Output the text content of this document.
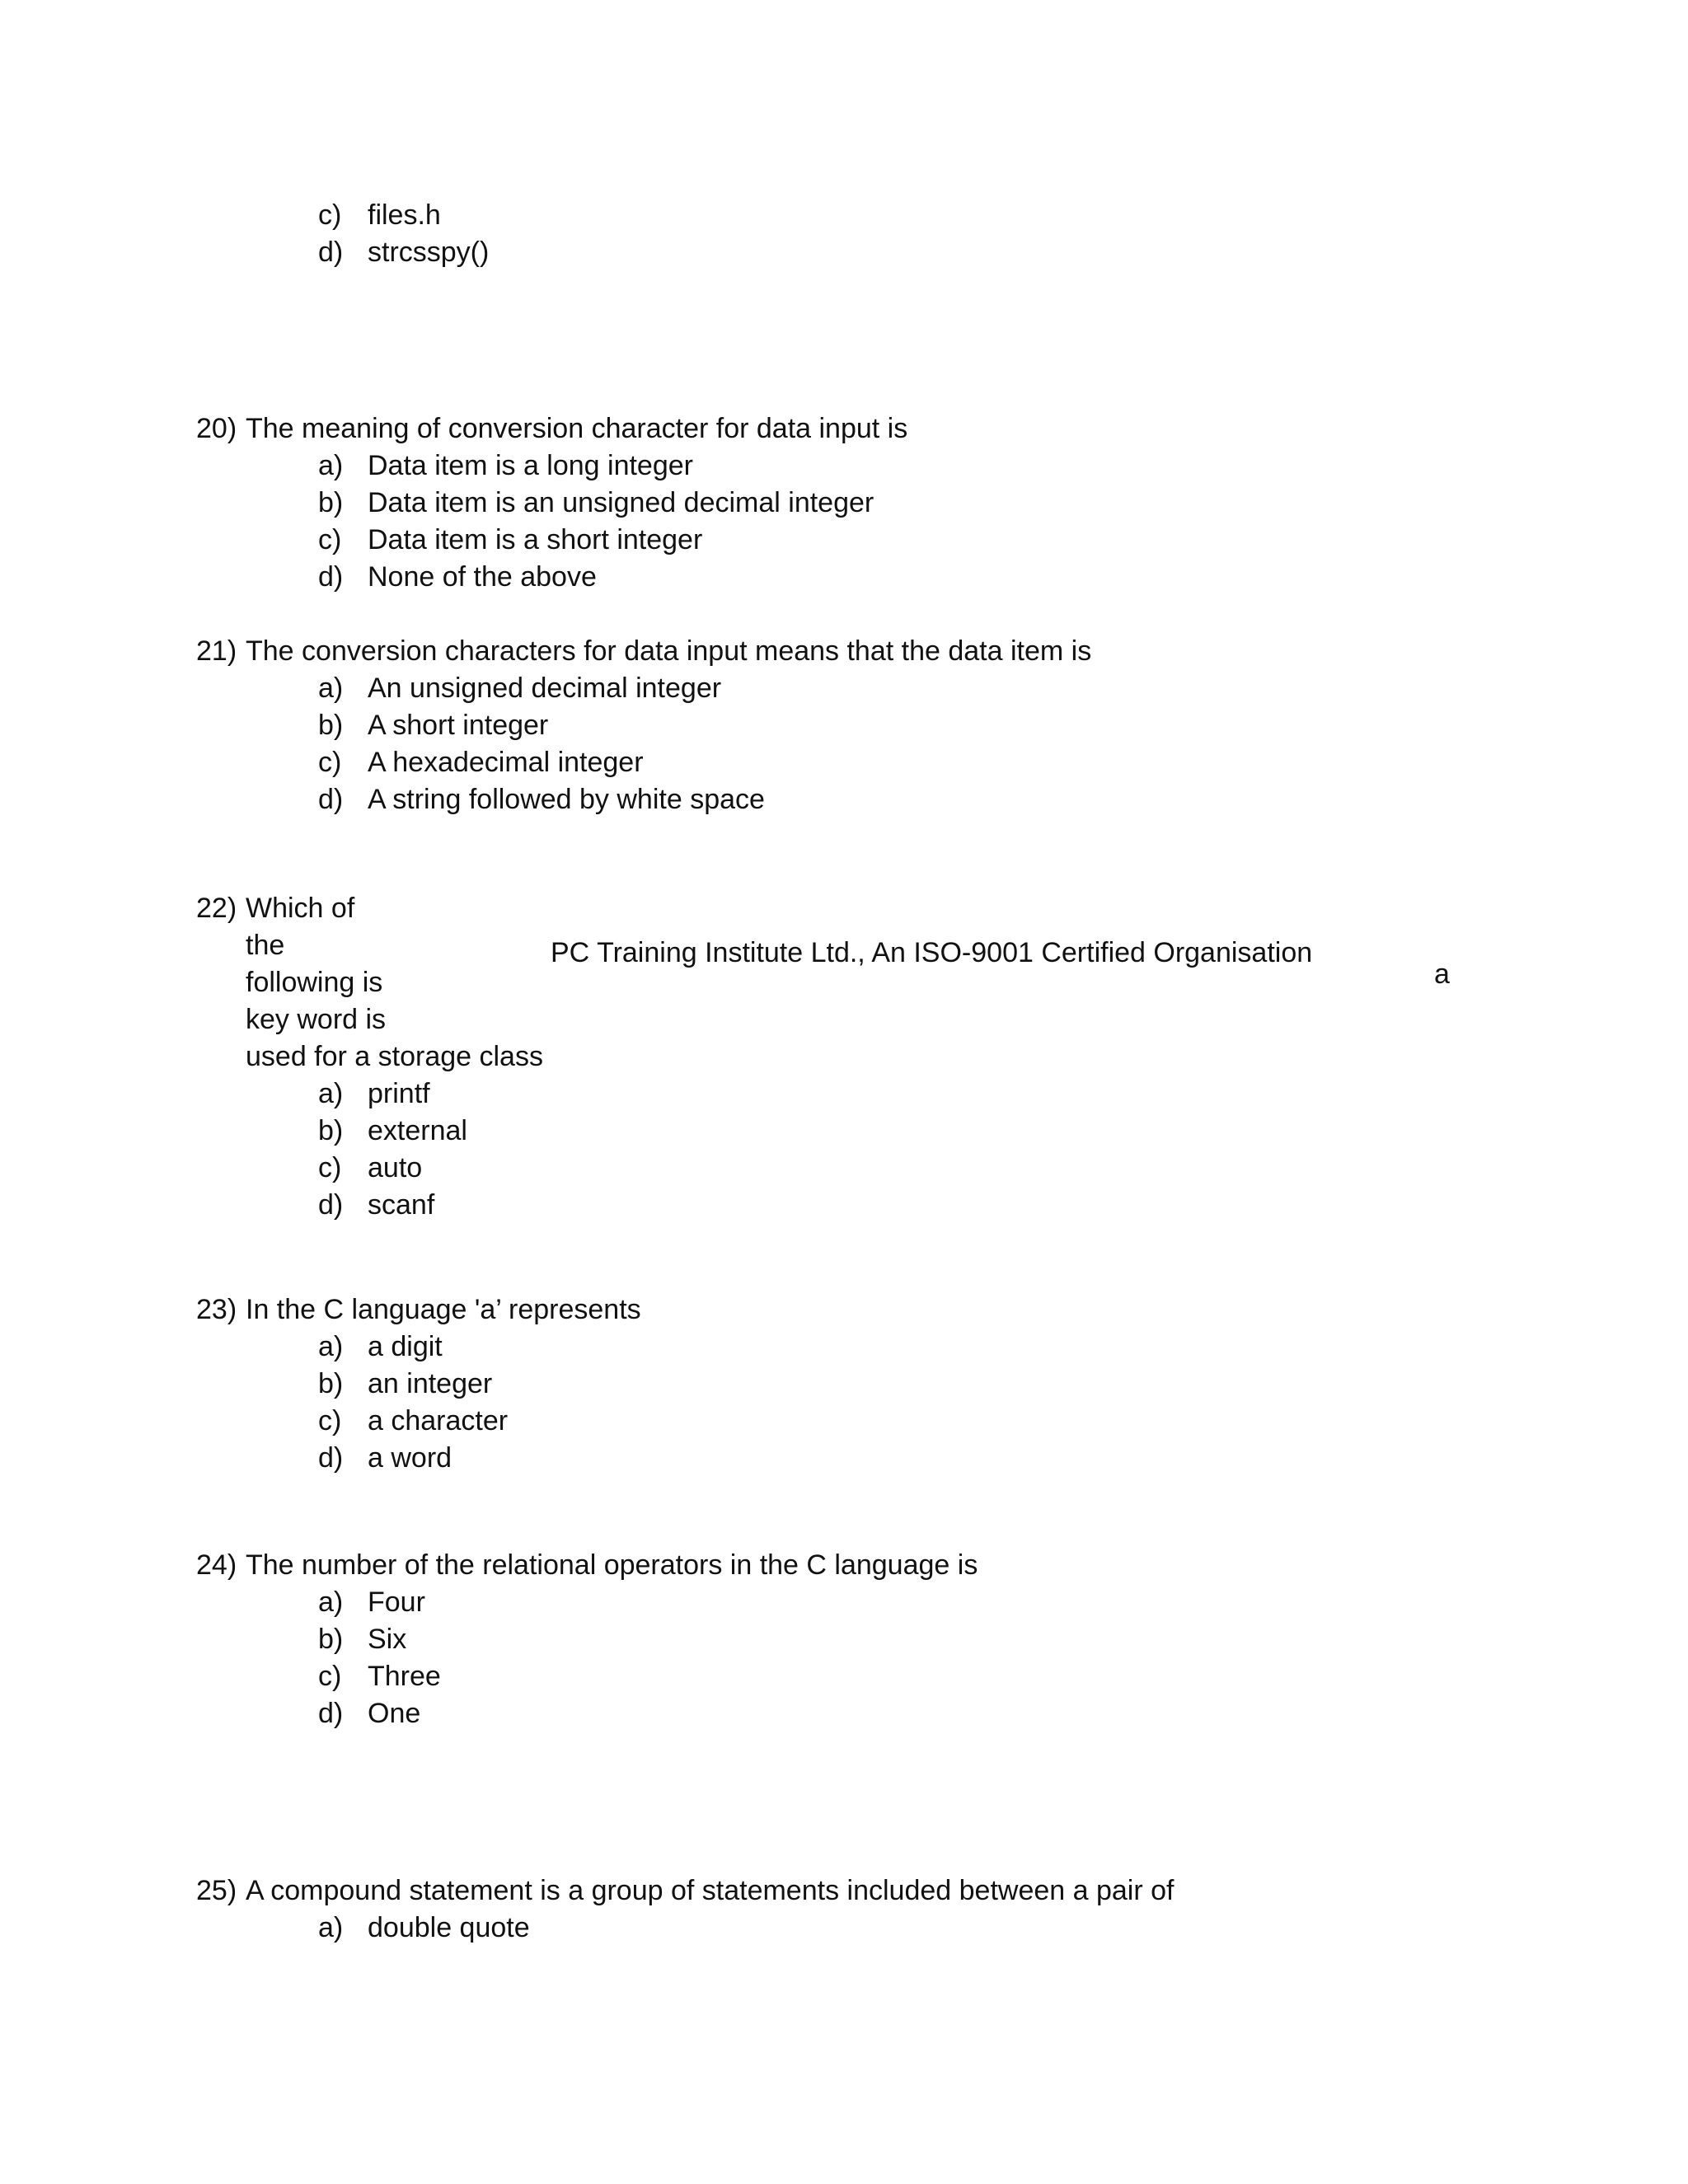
c) files.h
d) strcsspy()
20) The meaning of conversion character for data input is
a) Data item is a long integer
b) Data item is an unsigned decimal integer
c) Data item is a short integer
d) None of the above
21) The conversion characters for data input means that the data item is
a) An unsigned decimal integer
b) A short integer
c) A hexadecimal integer
d) A string followed by white space
22) Which of
the
following is
key word is
used for a storage class
a) printf
b) external
c) auto
d) scanf
PC Training Institute Ltd., An ISO-9001 Certified Organisation
a
23) In the C language 'a’ represents
a) a digit
b) an integer
c) a character
d) a word
24) The number of the relational operators in the C language is
a) Four
b) Six
c) Three
d) One
25) A compound statement is a group of statements included between a pair of
a) double quote
